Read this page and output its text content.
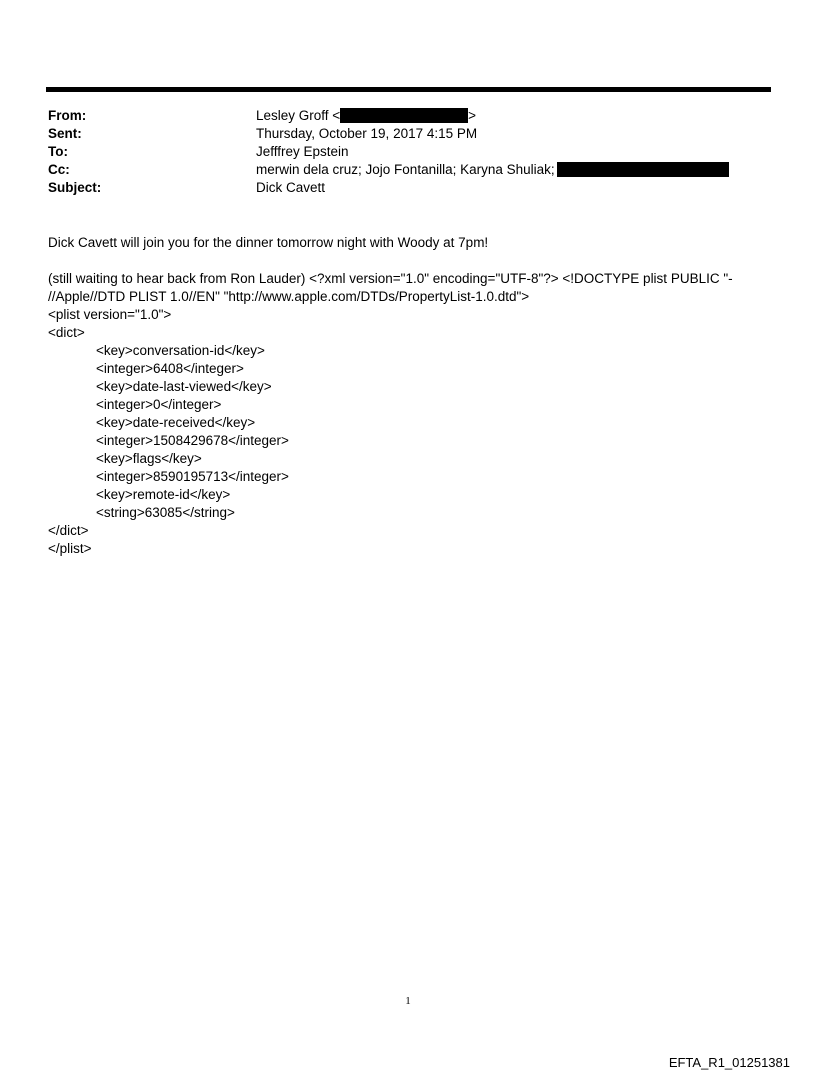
From:	Lesley Groff <	>
Sent:	Thursday, October 19, 2017 4:15 PM
To:	Jefffrey Epstein
Cc:	merwin dela cruz; Jojo Fontanilla; Karyna Shuliak;
Subject:	Dick Cavett

Dick Cavett will join you for the dinner tomorrow night with Woody at 7pm!

(still waiting to hear back from Ron Lauder) <?xml version="1.0" encoding="UTF-8"?> <!DOCTYPE plist PUBLIC "-

//Apple//DTD PLIST 1.0//EN" "http://www.apple.com/DTDs/PropertyList-1.0.dtd">

<plist version="1.0">
<dict>
<key>conversation-id</key>
<integer>6408</integer>
<key>date-last-viewed</key>
<integer>0</integer>
<key>date-received</key>
<integer>1508429678</integer>
<key>flags</key>
<integer>8590195713</integer>
<key>remote-id</key>
<string>63085</string>
</dict>
</plist>
1
EFTA_R1_01251381
